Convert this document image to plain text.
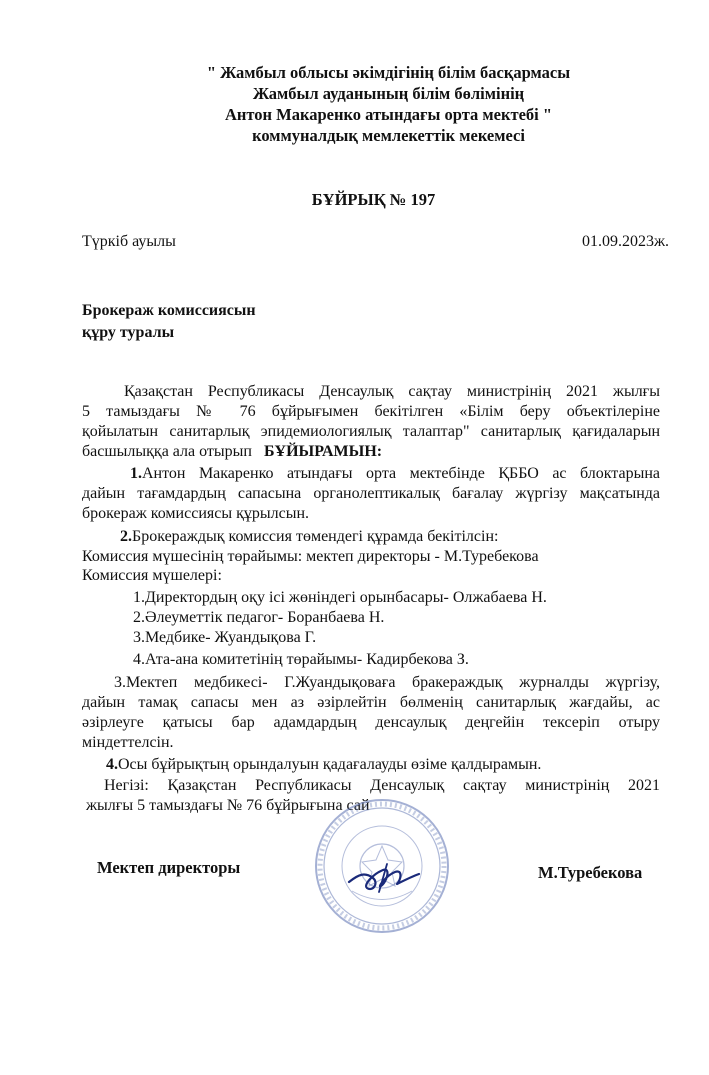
" Жамбыл облысы әкімдігінің білім басқармасы
Жамбыл ауданының білім бөлімінің
Антон Макаренко атындағы орта мектебі "
коммуналдық мемлекеттік мекемесі
БҰЙРЫҚ № 197
Түркіб ауылы	01.09.2023ж.
Брокераж комиссиясын
құру туралы
Қазақстан Республикасы Денсаулық сақтау министрінің 2021 жылғы
5 тамыздағы № 76 бұйрығымен бекітілген «Білім беру объектілеріне
қойылатын санитарлық эпидемиологиялық талаптар" санитарлық қағидаларын
басшылыққа ала отырып БҰЙЫРАМЫН:
1.Антон Макаренко атындағы орта мектебінде ҚББО ас блоктарына
дайын тағамдардың сапасына органолептикалық бағалау жүргізу мақсатында
брокераж комиссиясы құрылсын.
2.Брокераждық комиссия төмендегі құрамда бекітілсін:
Комиссия мүшесінің төрайымы: мектеп директоры - М.Туребекова
Комиссия мүшелері:
1.Директордың оқу ісі жөніндегі орынбасары- Олжабаева Н.
2.Әлеуметтік педагог- Боранбаева Н.
3.Медбике- Жуандықова Г.
4.Ата-ана комитетінің төрайымы- Кадирбекова З.
3.Мектеп медбикесі- Г.Жуандықоваға бракераждық журналды жүргізу,
дайын тамақ сапасы мен аз әзірлейтін бөлменің санитарлық жағдайы, ас
әзірлеуге қатысы бар адамдардың денсаулық деңгейін тексеріп отыру
міндеттелсін.
4.Осы бұйрықтың орындалуын қадағалауды өзіме қалдырамын.
Негізі: Қазақстан Республикасы Денсаулық сақтау министрінің 2021
жылғы 5 тамыздағы № 76 бұйрығына сай
Мектеп директоры	М.Туребекова
